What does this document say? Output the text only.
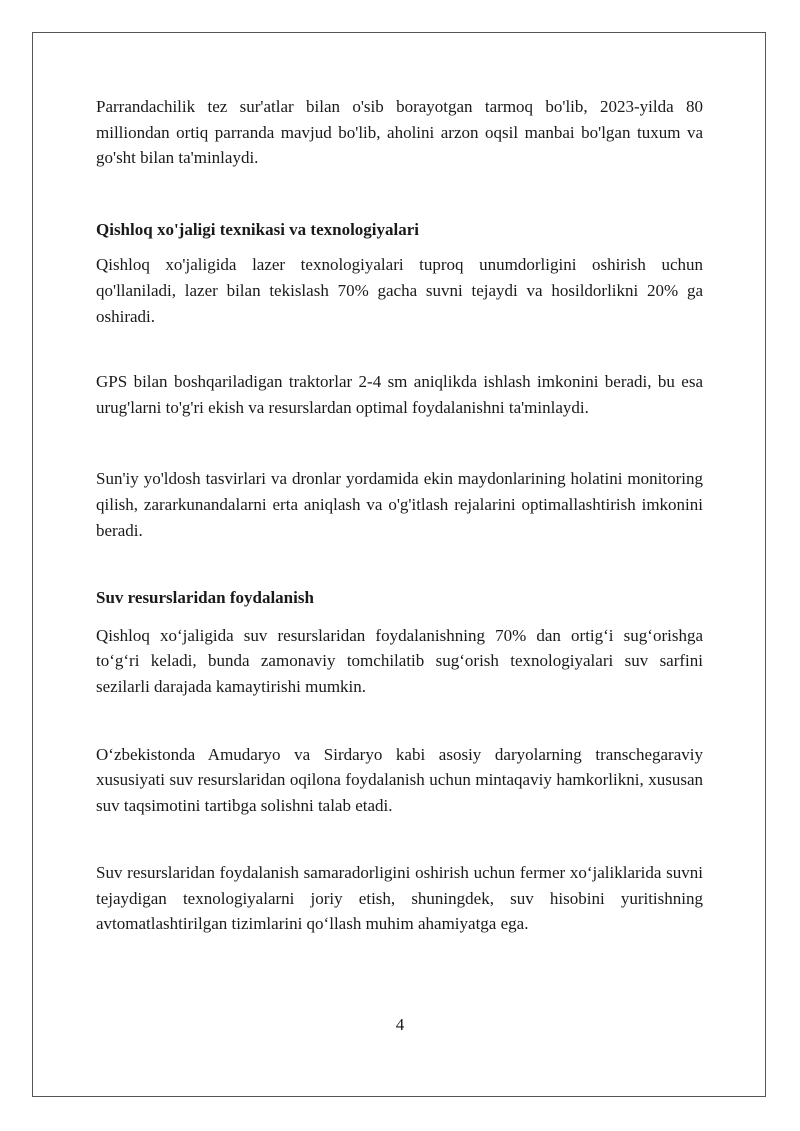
Parrandachilik tez sur'atlar bilan o'sib borayotgan tarmoq bo'lib, 2023-yilda 80 milliondan ortiq parranda mavjud bo'lib, aholini arzon oqsil manbai bo'lgan tuxum va go'sht bilan ta'minlaydi.

Qishloq xo'jaligi texnikasi va texnologiyalari

Qishloq xo'jaligida lazer texnologiyalari tuproq unumdorligini oshirish uchun qo'llaniladi, lazer bilan tekislash 70% gacha suvni tejaydi va hosildorlikni 20% ga oshiradi.

GPS bilan boshqariladigan traktorlar 2-4 sm aniqlikda ishlash imkonini beradi, bu esa urug'larni to'g'ri ekish va resurslardan optimal foydalanishni ta'minlaydi.

Sun'iy yo'ldosh tasvirlari va dronlar yordamida ekin maydonlarining holatini monitoring qilish, zararkunandalarni erta aniqlash va o'g'itlash rejalarini optimallashtirish imkonini beradi.

Suv resurslaridan foydalanish

Qishloq xoʻjaligida suv resurslaridan foydalanishning 70% dan ortigʻi sugʻorishga toʻgʻri keladi, bunda zamonaviy tomchilatib sugʻorish texnologiyalari suv sarfini sezilarli darajada kamaytirishi mumkin.

Oʻzbekistonda Amudaryo va Sirdaryo kabi asosiy daryolarning transchegaraviy xususiyati suv resurslaridan oqilona foydalanish uchun mintaqaviy hamkorlikni, xususan suv taqsimotini tartibga solishni talab etadi.

Suv resurslaridan foydalanish samaradorligini oshirish uchun fermer xoʻjaliklarida suvni tejaydigan texnologiyalarni joriy etish, shuningdek, suv hisobini yuritishning avtomatlashtirilgan tizimlarini qoʻllash muhim ahamiyatga ega.

4
